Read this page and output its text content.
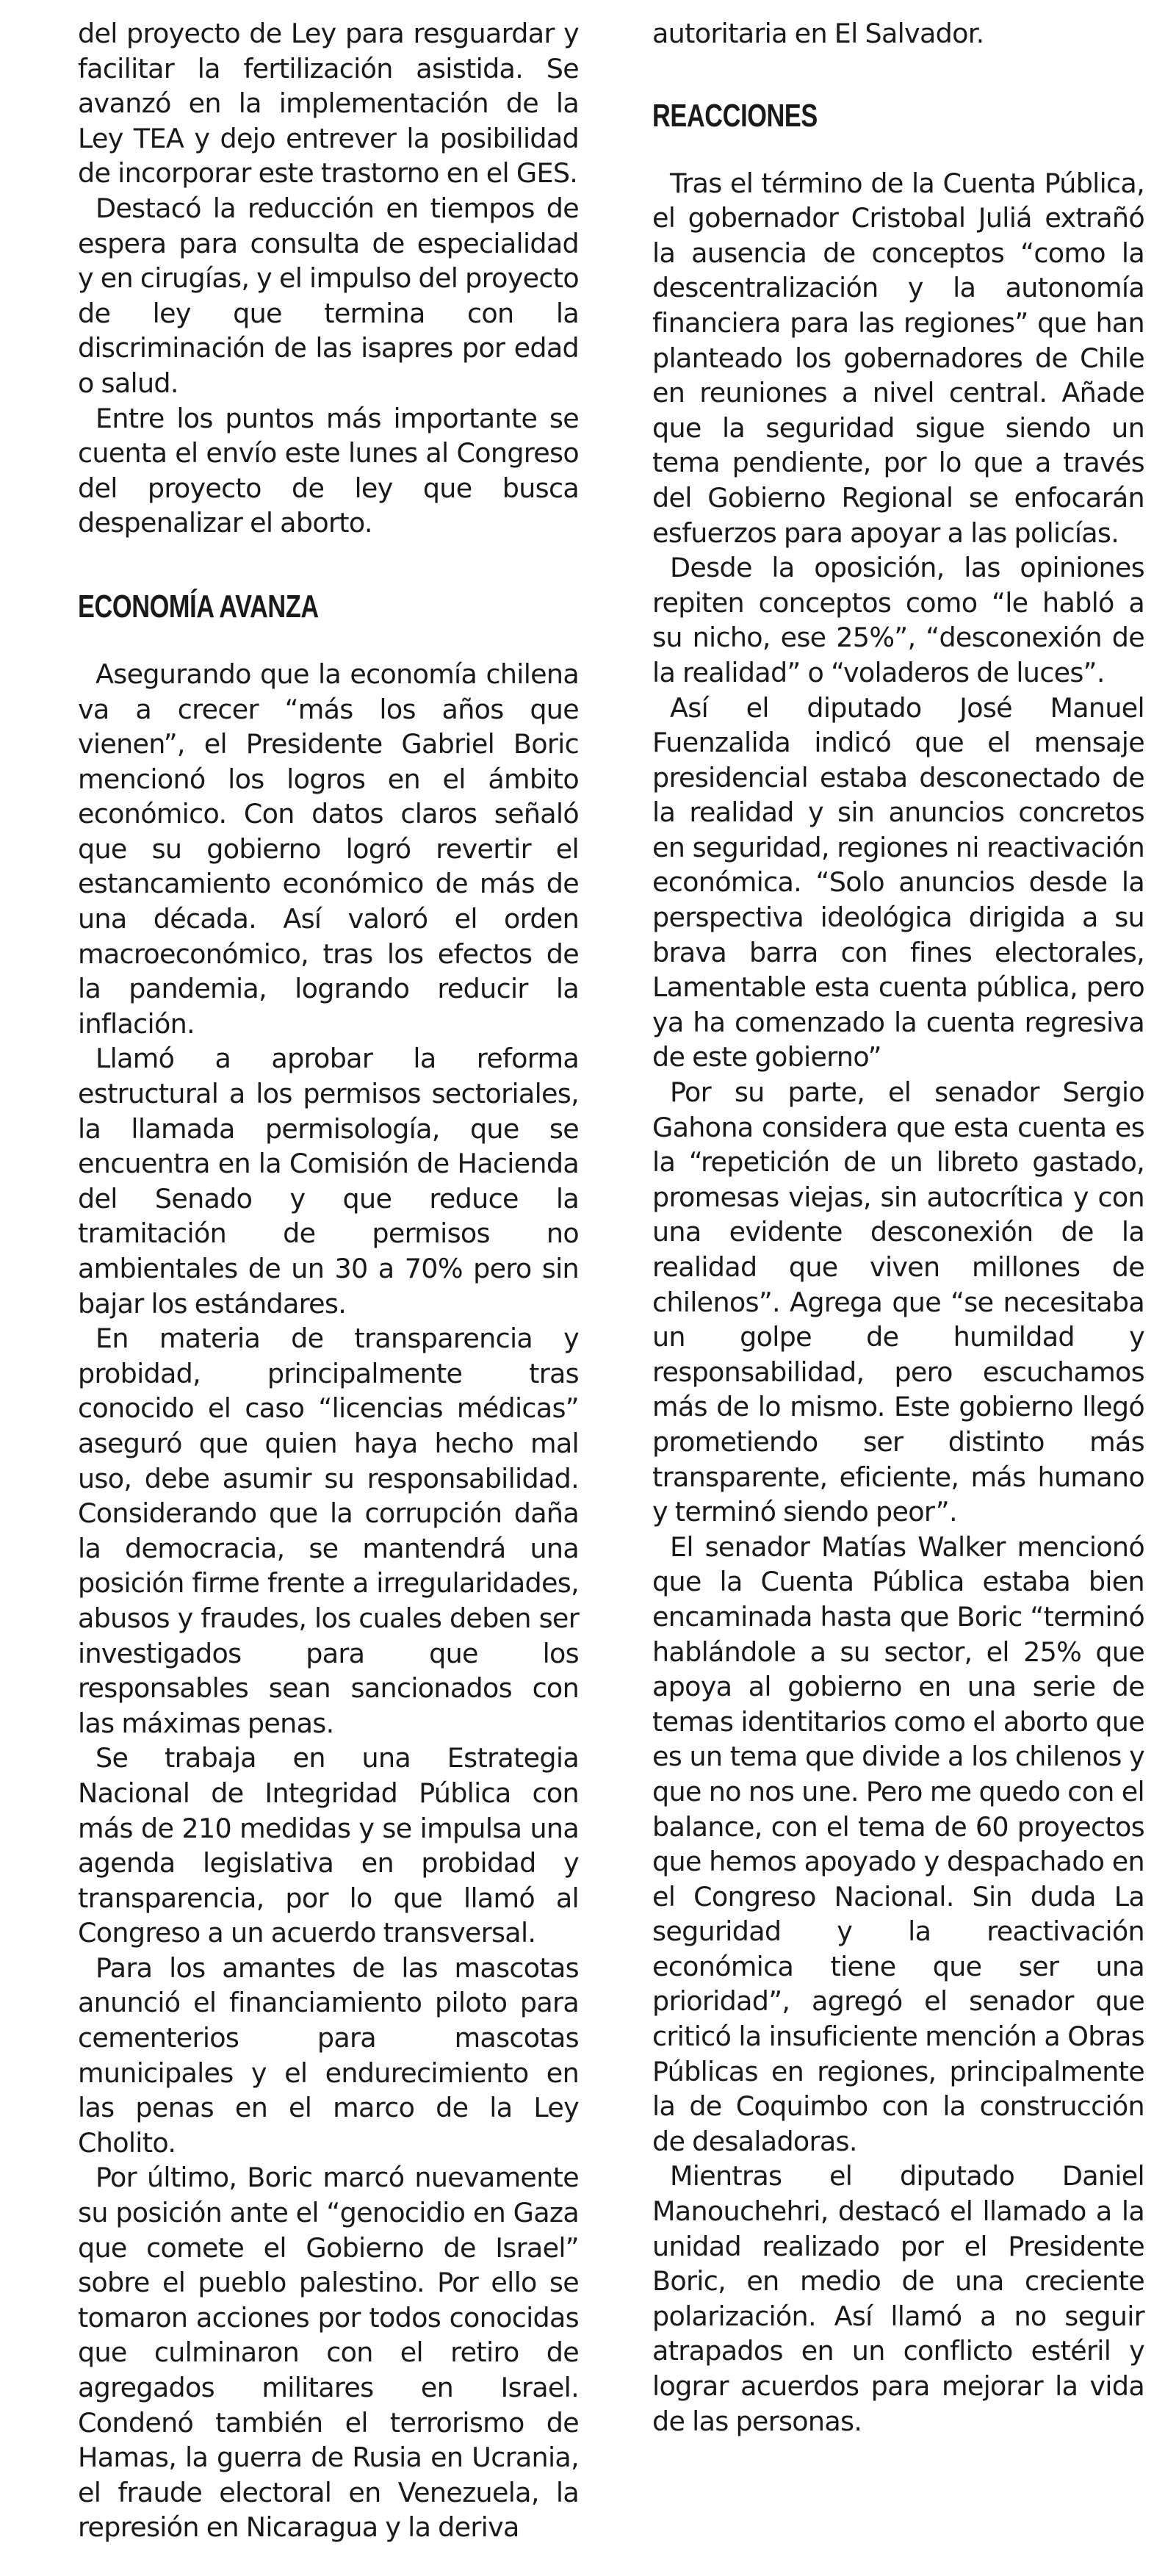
del proyecto de Ley para resguardar y facilitar la fertilización asistida. Se avanzó en la implementación de la Ley TEA y dejo entrever la posibilidad de incorporar este trastorno en el GES.

Destacó la reducción en tiempos de espera para consulta de especialidad y en cirugías, y el impulso del proyecto de ley que termina con la discriminación de las isapres por edad o salud.

Entre los puntos más importante se cuenta el envío este lunes al Congreso del proyecto de ley que busca despenalizar el aborto.

ECONOMÍA AVANZA

Asegurando que la economía chilena va a crecer “más los años que vienen”, el Presidente Gabriel Boric mencionó los logros en el ámbito económico. Con datos claros señaló que su gobierno logró revertir el estancamiento económico de más de una década. Así valoró el orden macroeconómico, tras los efectos de la pandemia, logrando reducir la inflación.

Llamó a aprobar la reforma estructural a los permisos sectoriales, la llamada permisología, que se encuentra en la Comisión de Hacienda del Senado y que reduce la tramitación de permisos no ambientales de un 30 a 70% pero sin bajar los estándares.

En materia de transparencia y probidad, principalmente tras conocido el caso “licencias médicas” aseguró que quien haya hecho mal uso, debe asumir su responsabilidad. Considerando que la corrupción daña la democracia, se mantendrá una posición firme frente a irregularidades, abusos y fraudes, los cuales deben ser investigados para que los responsables sean sancionados con las máximas penas.

Se trabaja en una Estrategia Nacional de Integridad Pública con más de 210 medidas y se impulsa una agenda legislativa en probidad y transparencia, por lo que llamó al Congreso a un acuerdo transversal.

Para los amantes de las mascotas anunció el financiamiento piloto para cementerios para mascotas municipales y el endurecimiento en las penas en el marco de la Ley Cholito.

Por último, Boric marcó nuevamente su posición ante el “genocidio en Gaza que comete el Gobierno de Israel” sobre el pueblo palestino. Por ello se tomaron acciones por todos conocidas que culminaron con el retiro de agregados militares en Israel. Condenó también el terrorismo de Hamas, la guerra de Rusia en Ucrania, el fraude electoral en Venezuela, la represión en Nicaragua y la deriva

autoritaria en El Salvador.

REACCIONES

Tras el término de la Cuenta Pública, el gobernador Cristobal Juliá extrañó la ausencia de conceptos “como la descentralización y la autonomía financiera para las regiones” que han planteado los gobernadores de Chile en reuniones a nivel central. Añade que la seguridad sigue siendo un tema pendiente, por lo que a través del Gobierno Regional se enfocarán esfuerzos para apoyar a las policías.

Desde la oposición, las opiniones repiten conceptos como “le habló a su nicho, ese 25%”, “desconexión de la realidad” o “voladeros de luces”.

Así el diputado José Manuel Fuenzalida indicó que el mensaje presidencial estaba desconectado de la realidad y sin anuncios concretos en seguridad, regiones ni reactivación económica. “Solo anuncios desde la perspectiva ideológica dirigida a su brava barra con fines electorales, Lamentable esta cuenta pública, pero ya ha comenzado la cuenta regresiva de este gobierno”

Por su parte, el senador Sergio Gahona considera que esta cuenta es la “repetición de un libreto gastado, promesas viejas, sin autocrítica y con una evidente desconexión de la realidad que viven millones de chilenos”. Agrega que “se necesitaba un golpe de humildad y responsabilidad, pero escuchamos más de lo mismo. Este gobierno llegó prometiendo ser distinto más transparente, eficiente, más humano y terminó siendo peor”.

El senador Matías Walker mencionó que la Cuenta Pública estaba bien encaminada hasta que Boric “terminó hablándole a su sector, el 25% que apoya al gobierno en una serie de temas identitarios como el aborto que es un tema que divide a los chilenos y que no nos une. Pero me quedo con el balance, con el tema de 60 proyectos que hemos apoyado y despachado en el Congreso Nacional. Sin duda La seguridad y la reactivación económica tiene que ser una prioridad”, agregó el senador que criticó la insuficiente mención a Obras Públicas en regiones, principalmente la de Coquimbo con la construcción de desaladoras.

Mientras el diputado Daniel Manouchehri, destacó el llamado a la unidad realizado por el Presidente Boric, en medio de una creciente polarización. Así llamó a no seguir atrapados en un conflicto estéril y lograr acuerdos para mejorar la vida de las personas.
